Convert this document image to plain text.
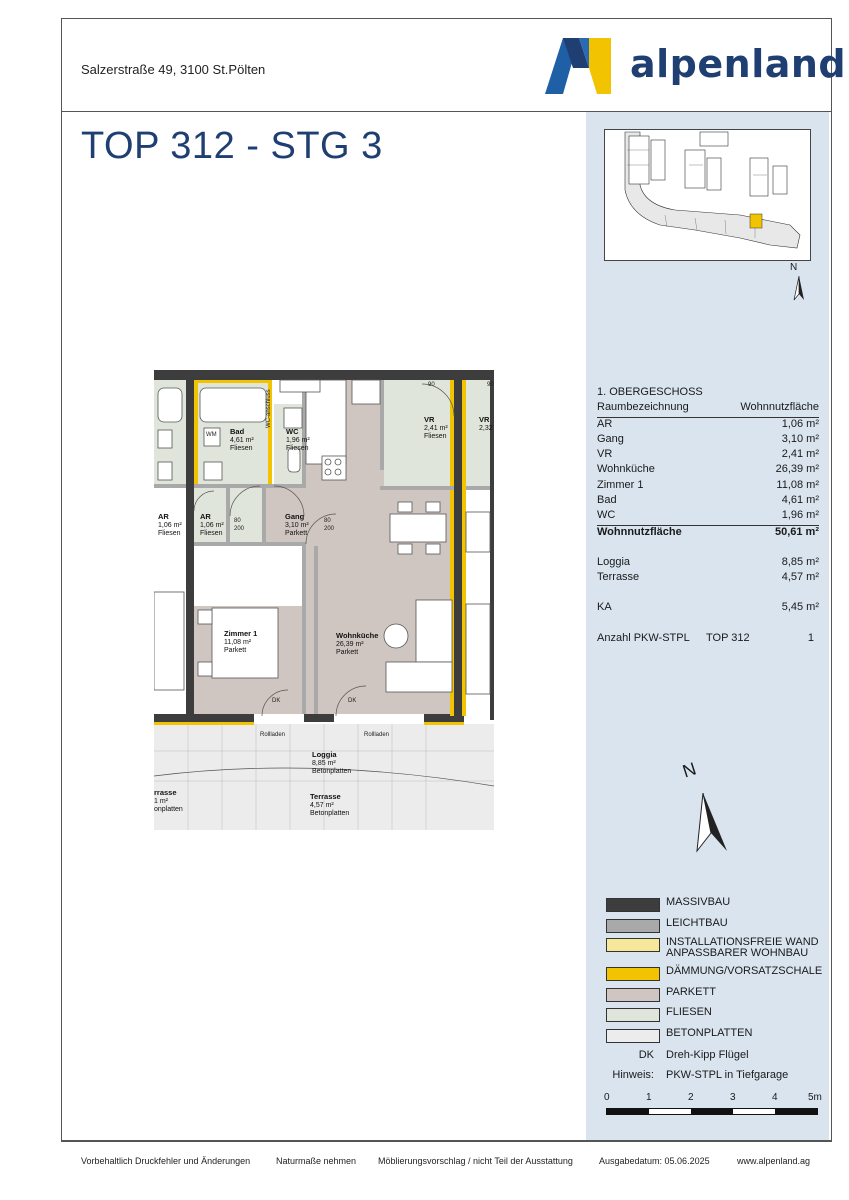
Salzerstraße 49, 3100 St.Pölten	alpenland
TOP 312 - STG 3
N
1. OBERGESCHOSS
Raumbezeichnung	Wohnnutzfläche
AR	1,06 m²
Gang	3,10 m²
VR	2,41 m²
Wohnküche	26,39 m²
Zimmer 1	11,08 m²
Bad	4,61 m²
WC	1,96 m²
Wohnnutzfläche	50,61 m²
Loggia	8,85 m²
Terrasse	4,57 m²
KA	5,45 m²
Anzahl PKW-STPL TOP 312	1
N
MASSIVBAU
LEICHTBAU
INSTALLATIONSFREIE WAND
ANPASSBARER WOHNBAU
DÄMMUNG/VORSATZSCHALE
PARKETT
FLIESEN
BETONPLATTEN
DK Dreh-Kipp Flügel
Hinweis: PKW-STPL in Tiefgarage
0	1	2	3	4	5m
Bad
4,61 m²
Fliesen
WC
1,96 m²
Fliesen
VR
2,41 m²
Fliesen
VR
2,32
AR
1,06 m²
Fliesen
AR
1,06 m²
Fliesen
Gang
3,10 m²
Parkett
Zimmer 1
11,08 m²
Parkett
Wohnküche
26,39 m²
Parkett
Loggia
8,85 m²
Betonplatten
Terrasse
4,57 m²
Betonplatten
rrasse
1 m²
onplatten
Rollladen	Rollladen
DK	DK
80
200
80
200
90	90
WC-anschluss
WM
Vorbehaltlich Druckfehler und Änderungen	Naturmaße nehmen Möblierungsvorschlag / nicht Teil der Ausstattung	Ausgabedatum: 05.06.2025	www.alpenland.ag
